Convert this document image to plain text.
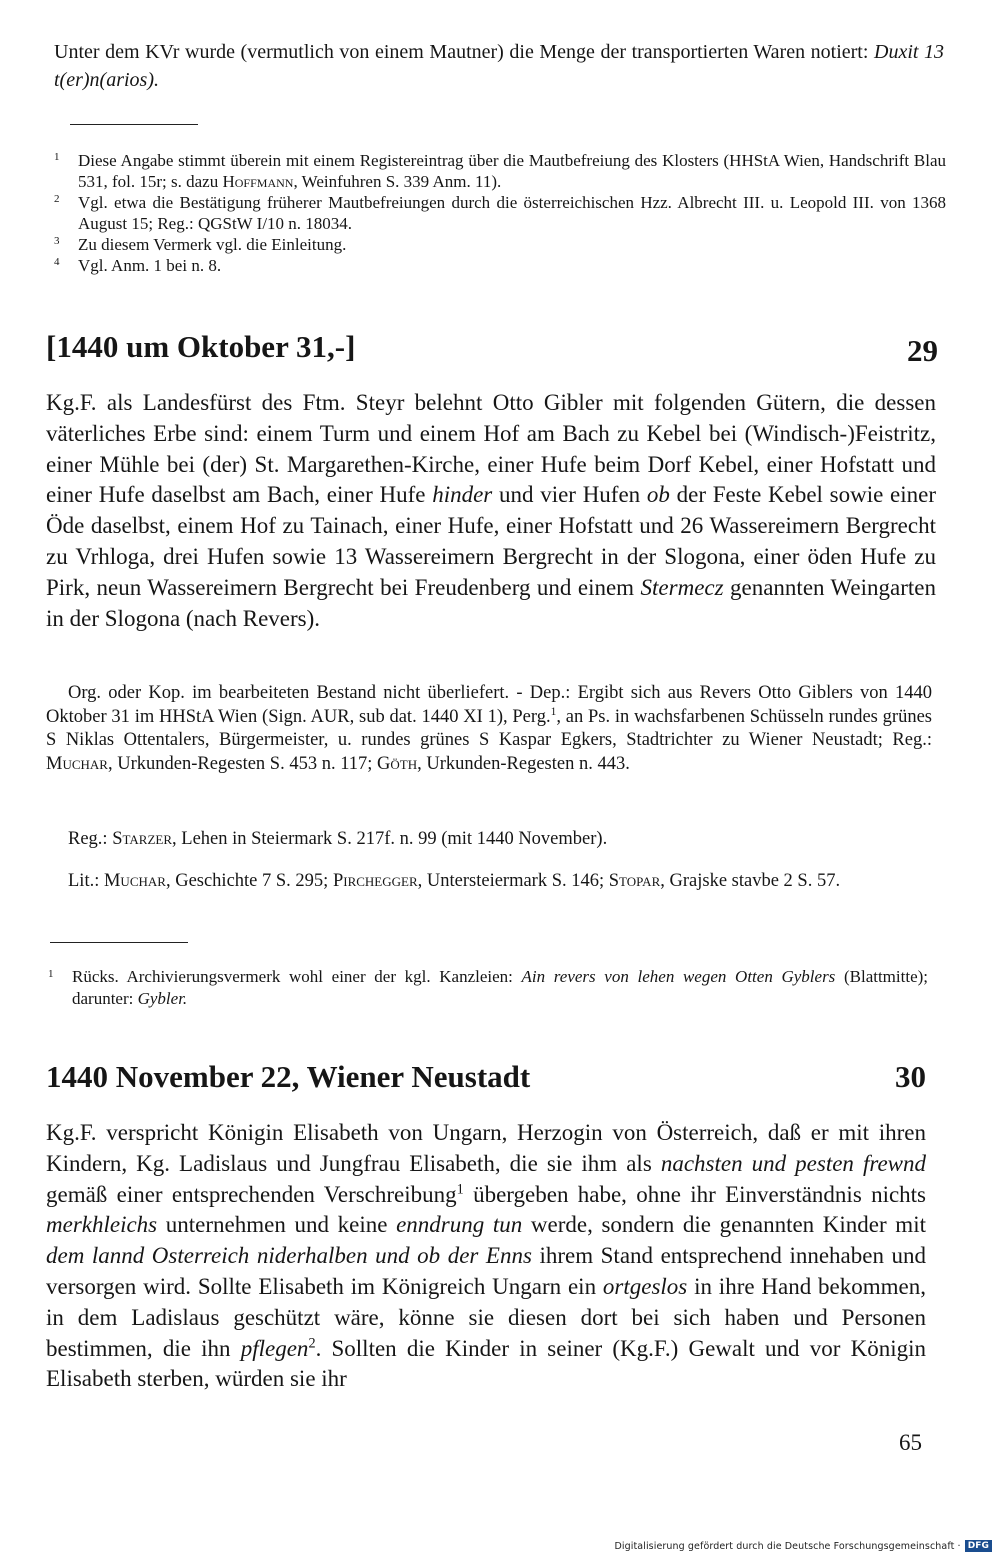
Unter dem KVr wurde (vermutlich von einem Mautner) die Menge der transportierten Waren notiert: Duxit 13 t(er)n(arios).

1 Diese Angabe stimmt überein mit einem Registereintrag über die Mautbefreiung des Klosters (HHStA Wien, Handschrift Blau 531, fol. 15r; s. dazu Hoffmann, Weinfuhren S. 339 Anm. 11).
2 Vgl. etwa die Bestätigung früherer Mautbefreiungen durch die österreichischen Hzz. Albrecht III. u. Leopold III. von 1368 August 15; Reg.: QGStW I/10 n. 18034.
3 Zu diesem Vermerk vgl. die Einleitung.
4 Vgl. Anm. 1 bei n. 8.
[1440 um Oktober 31,-]	29

Kg.F. als Landesfürst des Ftm. Steyr belehnt Otto Gibler mit folgenden Gütern, die dessen väterliches Erbe sind: einem Turm und einem Hof am Bach zu Kebel bei (Windisch-)Feistritz, einer Mühle bei (der) St. Margarethen-Kirche, einer Hufe beim Dorf Kebel, einer Hofstatt und einer Hufe daselbst am Bach, einer Hufe hinder und vier Hufen ob der Feste Kebel sowie einer Öde daselbst, einem Hof zu Tainach, einer Hufe, einer Hofstatt und 26 Wassereimern Bergrecht zu Vrhloga, drei Hufen sowie 13 Wassereimern Bergrecht in der Slogona, einer öden Hufe zu Pirk, neun Wassereimern Bergrecht bei Freudenberg und einem Stermecz genannten Weingarten in der Slogona (nach Revers).

Org. oder Kop. im bearbeiteten Bestand nicht überliefert. - Dep.: Ergibt sich aus Revers Otto Giblers von 1440 Oktober 31 im HHStA Wien (Sign. AUR, sub dat. 1440 XI 1), Perg.$^1$, an Ps. in wachsfarbenen Schüsseln rundes grünes S Niklas Ottentalers, Bürgermeister, u. rundes grünes S Kaspar Egkers, Stadtrichter zu Wiener Neustadt; Reg.: Muchar, Urkunden-Regesten S. 453 n. 117; Göth, Urkunden-Regesten n. 443.

Reg.: Starzer, Lehen in Steiermark S. 217f. n. 99 (mit 1440 November).

Lit.: Muchar, Geschichte 7 S. 295; Pirchegger, Untersteiermark S. 146; Stopar, Grajske stavbe 2 S. 57.

1 Rücks. Archivierungsvermerk wohl einer der kgl. Kanzleien: Ain revers von lehen wegen Otten Gyblers (Blattmitte); darunter: Gybler.
1440 November 22, Wiener Neustadt	30

Kg.F. verspricht Königin Elisabeth von Ungarn, Herzogin von Österreich, daß er mit ihren Kindern, Kg. Ladislaus und Jungfrau Elisabeth, die sie ihm als nachsten und pesten frewnd gemäß einer entsprechenden Verschreibung$^1$ übergeben habe, ohne ihr Einverständnis nichts merkhleichs unternehmen und keine enndrung tun werde, sondern die genannten Kinder mit dem lannd Osterreich niderhalben und ob der Enns ihrem Stand entsprechend innehaben und versorgen wird. Sollte Elisabeth im Königreich Ungarn ein ortgeslos in ihre Hand bekommen, in dem Ladislaus geschützt wäre, könne sie diesen dort bei sich haben und Personen bestimmen, die ihn pflegen$^2$. Sollten die Kinder in seiner (Kg.F.) Gewalt und vor Königin Elisabeth sterben, würden sie ihr

65
Digitalisierung gefördert durch die Deutsche Forschungsgemeinschaft · DFG
